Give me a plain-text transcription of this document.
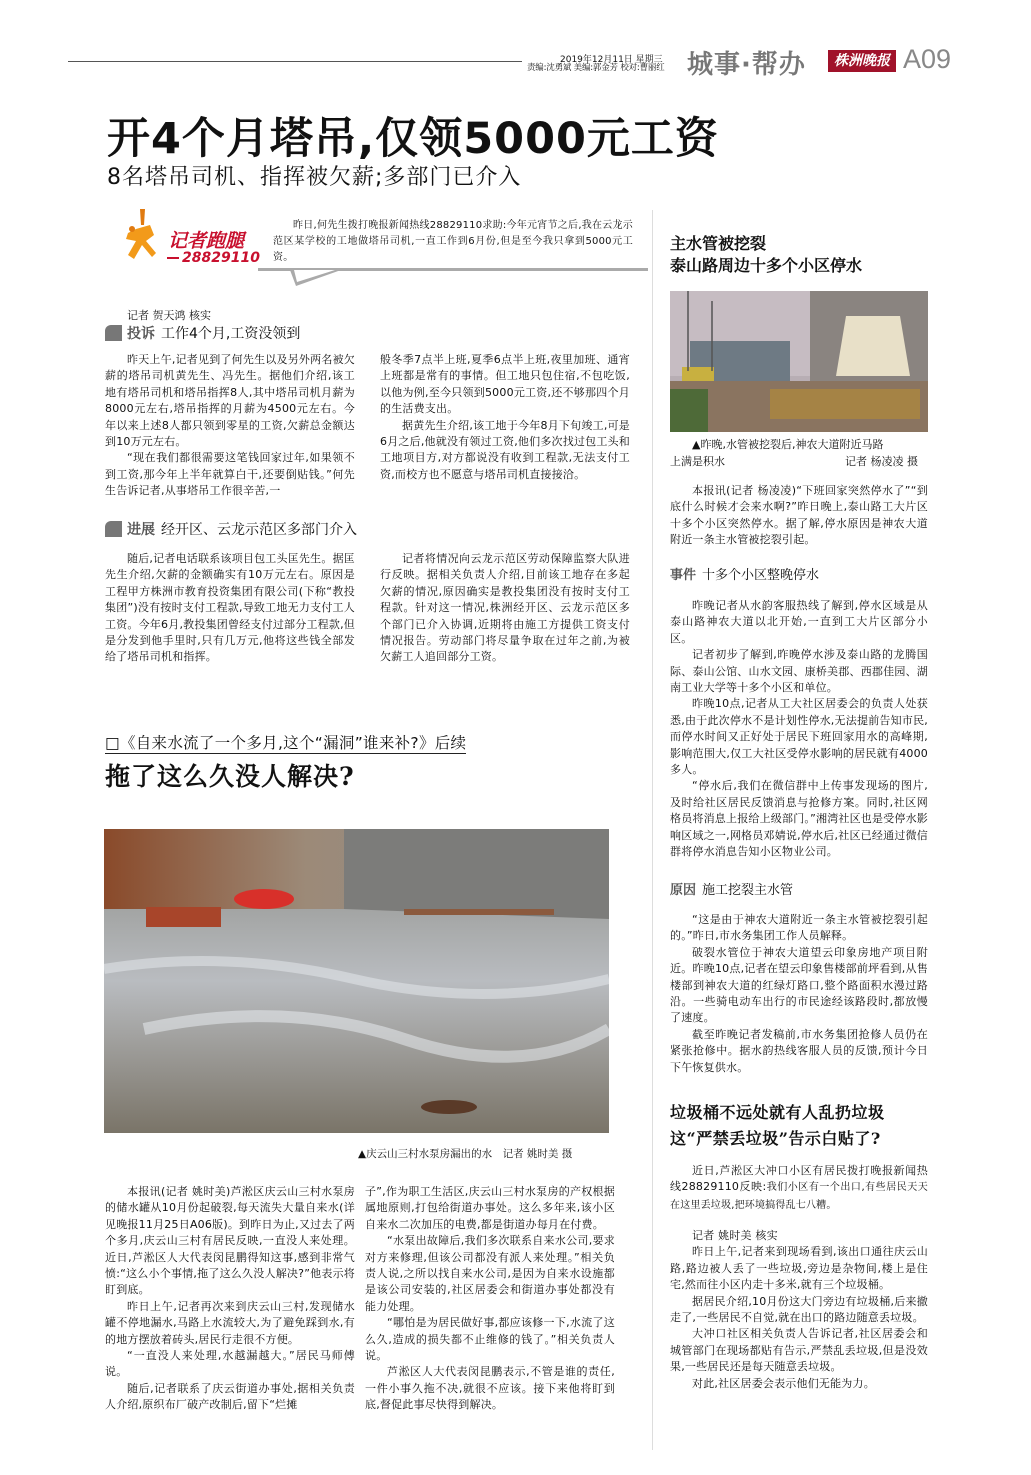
2019年12月11日 星期三
责编:沈勇斌 美编:郭金芳 校对:曹丽红 城事·帮办	株洲晚报 A09
开4个月塔吊,仅领5000元工资
8名塔吊司机、指挥被欠薪;多部门已介入
记者跑腿
28829110

昨日,何先生拨打晚报新闻热线28829110求助:今年元宵节之后,我在云龙示范区某学校的工地做塔吊司机,一直工作到6月份,但是至今我只拿到5000元工资。

记者 贺天鸿 核实
投诉 工作4个月,工资没领到

昨天上午,记者见到了何先生以及另外两名被欠薪的塔吊司机黄先生、冯先生。据他们介绍,该工地有塔吊司机和塔吊指挥8人,其中塔吊司机月薪为8000元左右,塔吊指挥的月薪为4500元左右。今年以来上述8人都只领到零星的工资,欠薪总金额达到10万元左右。

“现在我们都很需要这笔钱回家过年,如果领不到工资,那今年上半年就算白干,还要倒贴钱。”何先生告诉记者,从事塔吊工作很辛苦,一

般冬季7点半上班,夏季6点半上班,夜里加班、通宵上班都是常有的事情。但工地只包住宿,不包吃饭,以他为例,至今只领到5000元工资,还不够那四个月的生活费支出。

据黄先生介绍,该工地于今年8月下旬竣工,可是6月之后,他就没有领过工资,他们多次找过包工头和工地项目方,对方都说没有收到工程款,无法支付工资,而校方也不愿意与塔吊司机直接接洽。

进展 经开区、云龙示范区多部门介入

随后,记者电话联系该项目包工头匡先生。据匡先生介绍,欠薪的金额确实有10万元左右。原因是工程甲方株洲市教育投资集团有限公司(下称“教投集团”)没有按时支付工程款,导致工地无力支付工人工资。今年6月,教投集团曾经支付过部分工程款,但是分发到他手里时,只有几万元,他将这些钱全部发给了塔吊司机和指挥。

记者将情况向云龙示范区劳动保障监察大队进行反映。据相关负责人介绍,目前该工地存在多起欠薪的情况,原因确实是教投集团没有按时支付工程款。针对这一情况,株洲经开区、云龙示范区多个部门已介入协调,近期将由施工方提供工资支付情况报告。劳动部门将尽量争取在过年之前,为被欠薪工人追回部分工资。

□《自来水流了一个多月,这个“漏洞”谁来补?》后续
拖了这么久没人解决?
▲庆云山三村水泵房漏出的水　记者 姚时美 摄

本报讯(记者 姚时美)芦淞区庆云山三村水泵房的储水罐从10月份起破裂,每天流失大量自来水(详见晚报11月25日A06版)。到昨日为止,又过去了两个多月,庆云山三村有居民反映,一直没人来处理。近日,芦淞区人大代表闵昆鹏得知这事,感到非常气愤:“这么小个事情,拖了这么久没人解决?”他表示将盯到底。

昨日上午,记者再次来到庆云山三村,发现储水罐不停地漏水,马路上水流较大,为了避免踩到水,有的地方摆放着砖头,居民行走很不方便。

“一直没人来处理,水越漏越大。”居民马师傅说。

随后,记者联系了庆云街道办事处,据相关负责人介绍,原织布厂破产改制后,留下“烂摊

子”,作为职工生活区,庆云山三村水泵房的产权根据属地原则,打包给街道办事处。这么多年来,该小区自来水二次加压的电费,都是街道办每月在付费。

“水泵出故障后,我们多次联系自来水公司,要求对方来修理,但该公司都没有派人来处理。”相关负责人说,之所以找自来水公司,是因为自来水设施都是该公司安装的,社区居委会和街道办事处都没有能力处理。

“哪怕是为居民做好事,都应该修一下,水流了这么久,造成的损失都不止维修的钱了。”相关负责人说。

芦淞区人大代表闵昆鹏表示,不管是谁的责任,一件小事久拖不决,就很不应该。接下来他将盯到底,督促此事尽快得到解决。

主水管被挖裂
泰山路周边十多个小区停水
▲昨晚,水管被挖裂后,神农大道附近马路
上满是积水	记者 杨凌凌 摄

本报讯(记者 杨凌凌)“下班回家突然停水了”“到底什么时候才会来水啊?”昨日晚上,泰山路工大片区十多个小区突然停水。据了解,停水原因是神农大道附近一条主水管被挖裂引起。

事件 十多个小区整晚停水

昨晚记者从水韵客服热线了解到,停水区域是从泰山路神农大道以北开始,一直到工大片区部分小区。

记者初步了解到,昨晚停水涉及泰山路的龙腾国际、泰山公馆、山水文园、康桥美郡、西郡佳园、湖南工业大学等十多个小区和单位。

昨晚10点,记者从工大社区居委会的负责人处获悉,由于此次停水不是计划性停水,无法提前告知市民,而停水时间又正好处于居民下班回家用水的高峰期,影响范围大,仅工大社区受停水影响的居民就有4000多人。

“停水后,我们在微信群中上传事发现场的图片,及时给社区居民反馈消息与抢修方案。同时,社区网格员将消息上报给上级部门。”湘湾社区也是受停水影响区域之一,网格员邓婧说,停水后,社区已经通过微信群将停水消息告知小区物业公司。

原因 施工挖裂主水管

“这是由于神农大道附近一条主水管被挖裂引起的。”昨日,市水务集团工作人员解释。

破裂水管位于神农大道望云印象房地产项目附近。昨晚10点,记者在望云印象售楼部前坪看到,从售楼部到神农大道的红绿灯路口,整个路面积水漫过路沿。一些骑电动车出行的市民途经该路段时,都放慢了速度。

截至昨晚记者发稿前,市水务集团抢修人员仍在紧张抢修中。据水韵热线客服人员的反馈,预计今日下午恢复供水。

垃圾桶不远处就有人乱扔垃圾
这“严禁丢垃圾”告示白贴了?

近日,芦淞区大冲口小区有居民拨打晚报新闻热线28829110反映:我们小区有一个出口,有些居民天天在这里丢垃圾,把环境搞得乱七八糟。

记者 姚时美 核实

昨日上午,记者来到现场看到,该出口通往庆云山路,路边被人丢了一些垃圾,旁边是杂物间,楼上是住宅,然而往小区内走十多米,就有三个垃圾桶。

据居民介绍,10月份这大门旁边有垃圾桶,后来撤走了,一些居民不自觉,就在出口的路边随意丢垃圾。

大冲口社区相关负责人告诉记者,社区居委会和城管部门在现场都贴有告示,严禁乱丢垃圾,但是没效果,一些居民还是每天随意丢垃圾。

对此,社区居委会表示他们无能为力。
